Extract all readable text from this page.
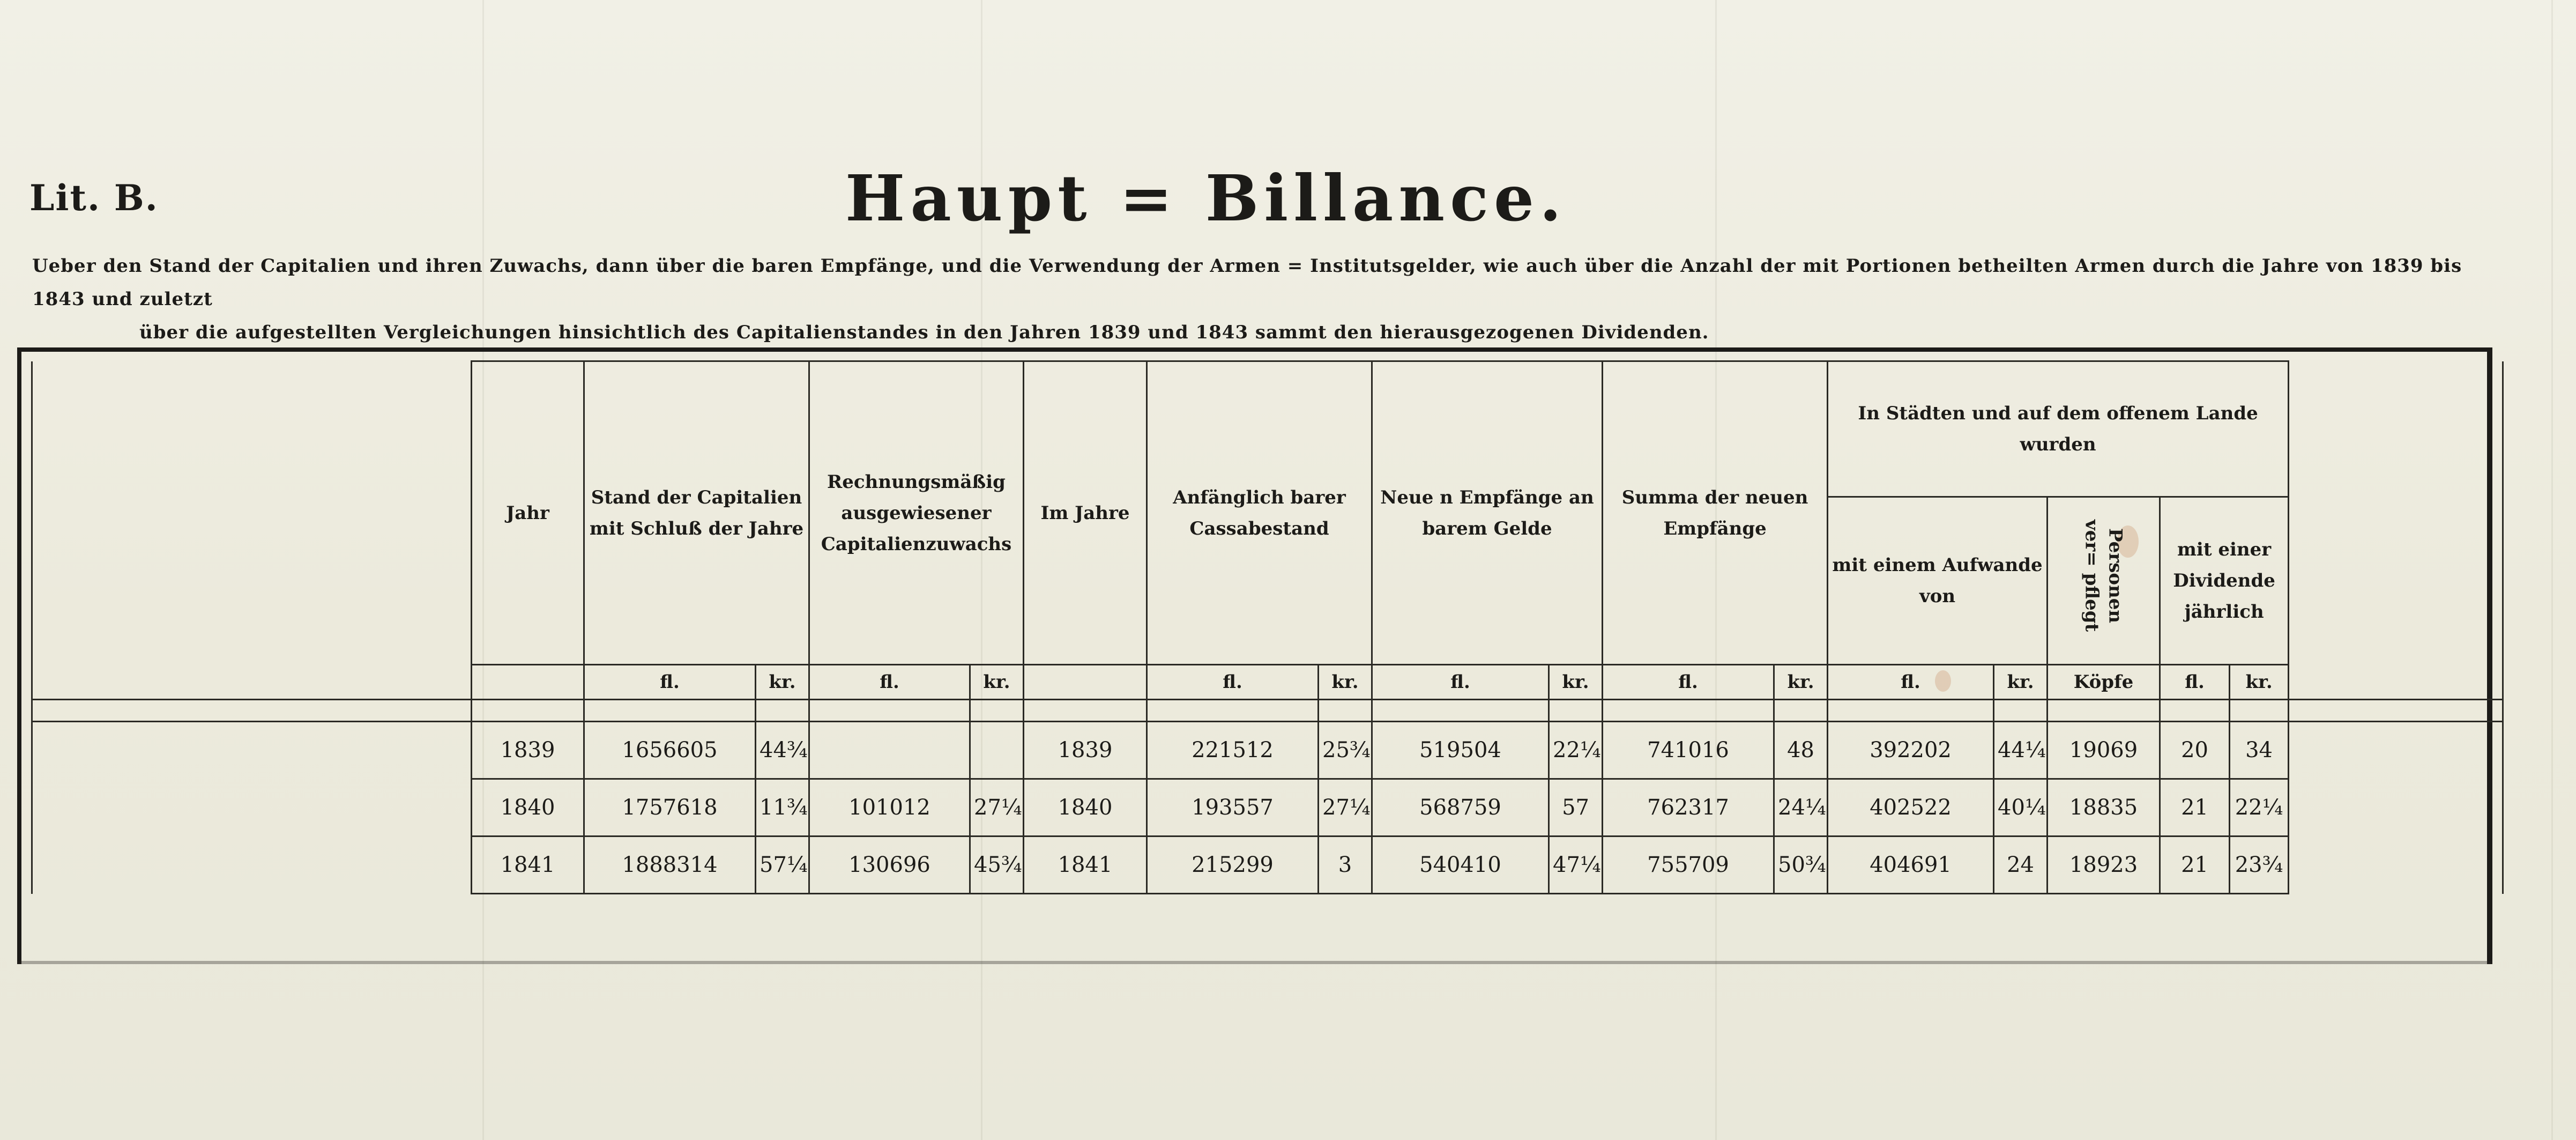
Lit. B.	Haupt = Billance.
Ueber den Stand der Capitalien und ihren Zuwachs, dann über die baren Empfänge, und die Verwendung der Armen = Institutsgelder, wie auch über die Anzahl der mit Portionen betheilten Armen durch die Jahre von 1839 bis 1843 und zuletzt
über die aufgestellten Vergleichungen hinsichtlich des Capitalienstandes in den Jahren 1839 und 1843 sammt den hierausgezogenen Dividenden.
	Jahr	Stand der Capitalien mit Schluß der Jahre		Rechnungsmäßig ausgewiesener Capitalienzuwachs		Im Jahre	Anfänglich barer Cassabestand		Neue n Empfänge an barem Gelde		Summa der neuen Empfänge		In Städten und auf dem offenem Lande wurden					
													mit einem Aufwande von		Personen ver= pflegt	mit einer Dividende jährlich		
		fl.	kr.	fl.	kr.		fl.	kr.	fl.	kr.	fl.	kr.	fl.	kr.	Köpfe	fl.	kr.	

	1839	1656605	44¾			1839	221512	25¾	519504	22¼	741016	48	392202	44¼	19069	20	34	
	1840	1757618	11¾	101012	27¼	1840	193557	27¼	568759	57	762317	24¼	402522	40¼	18835	21	22¼	
	1841	1888314	57¼	130696	45¾	1841	215299	3	540410	47¼	755709	50¾	404691	24	18923	21	23¾	
